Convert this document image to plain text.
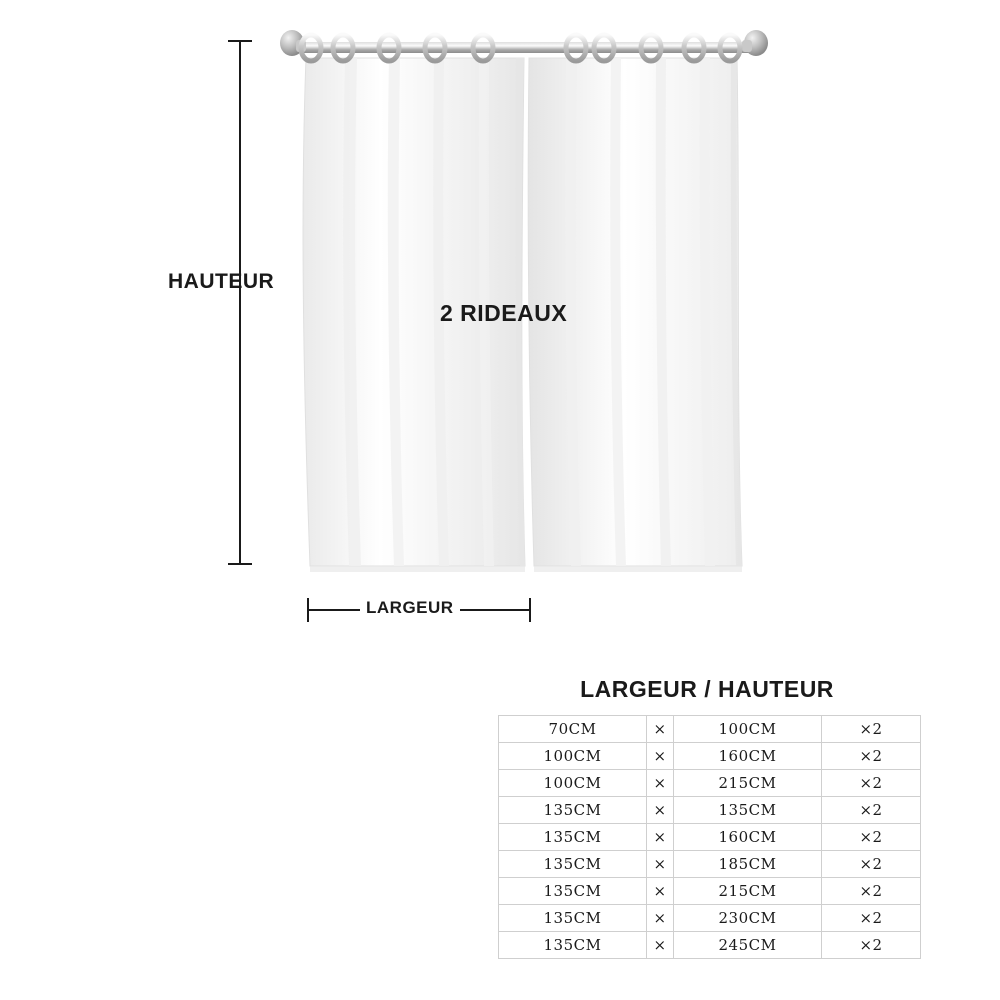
HAUTEUR
LARGEUR
2 RIDEAUX
LARGEUR / HAUTEUR
70CM	×	100CM	×2
100CM	×	160CM	×2
100CM	×	215CM	×2
135CM	×	135CM	×2
135CM	×	160CM	×2
135CM	×	185CM	×2
135CM	×	215CM	×2
135CM	×	230CM	×2
135CM	×	245CM	×2
